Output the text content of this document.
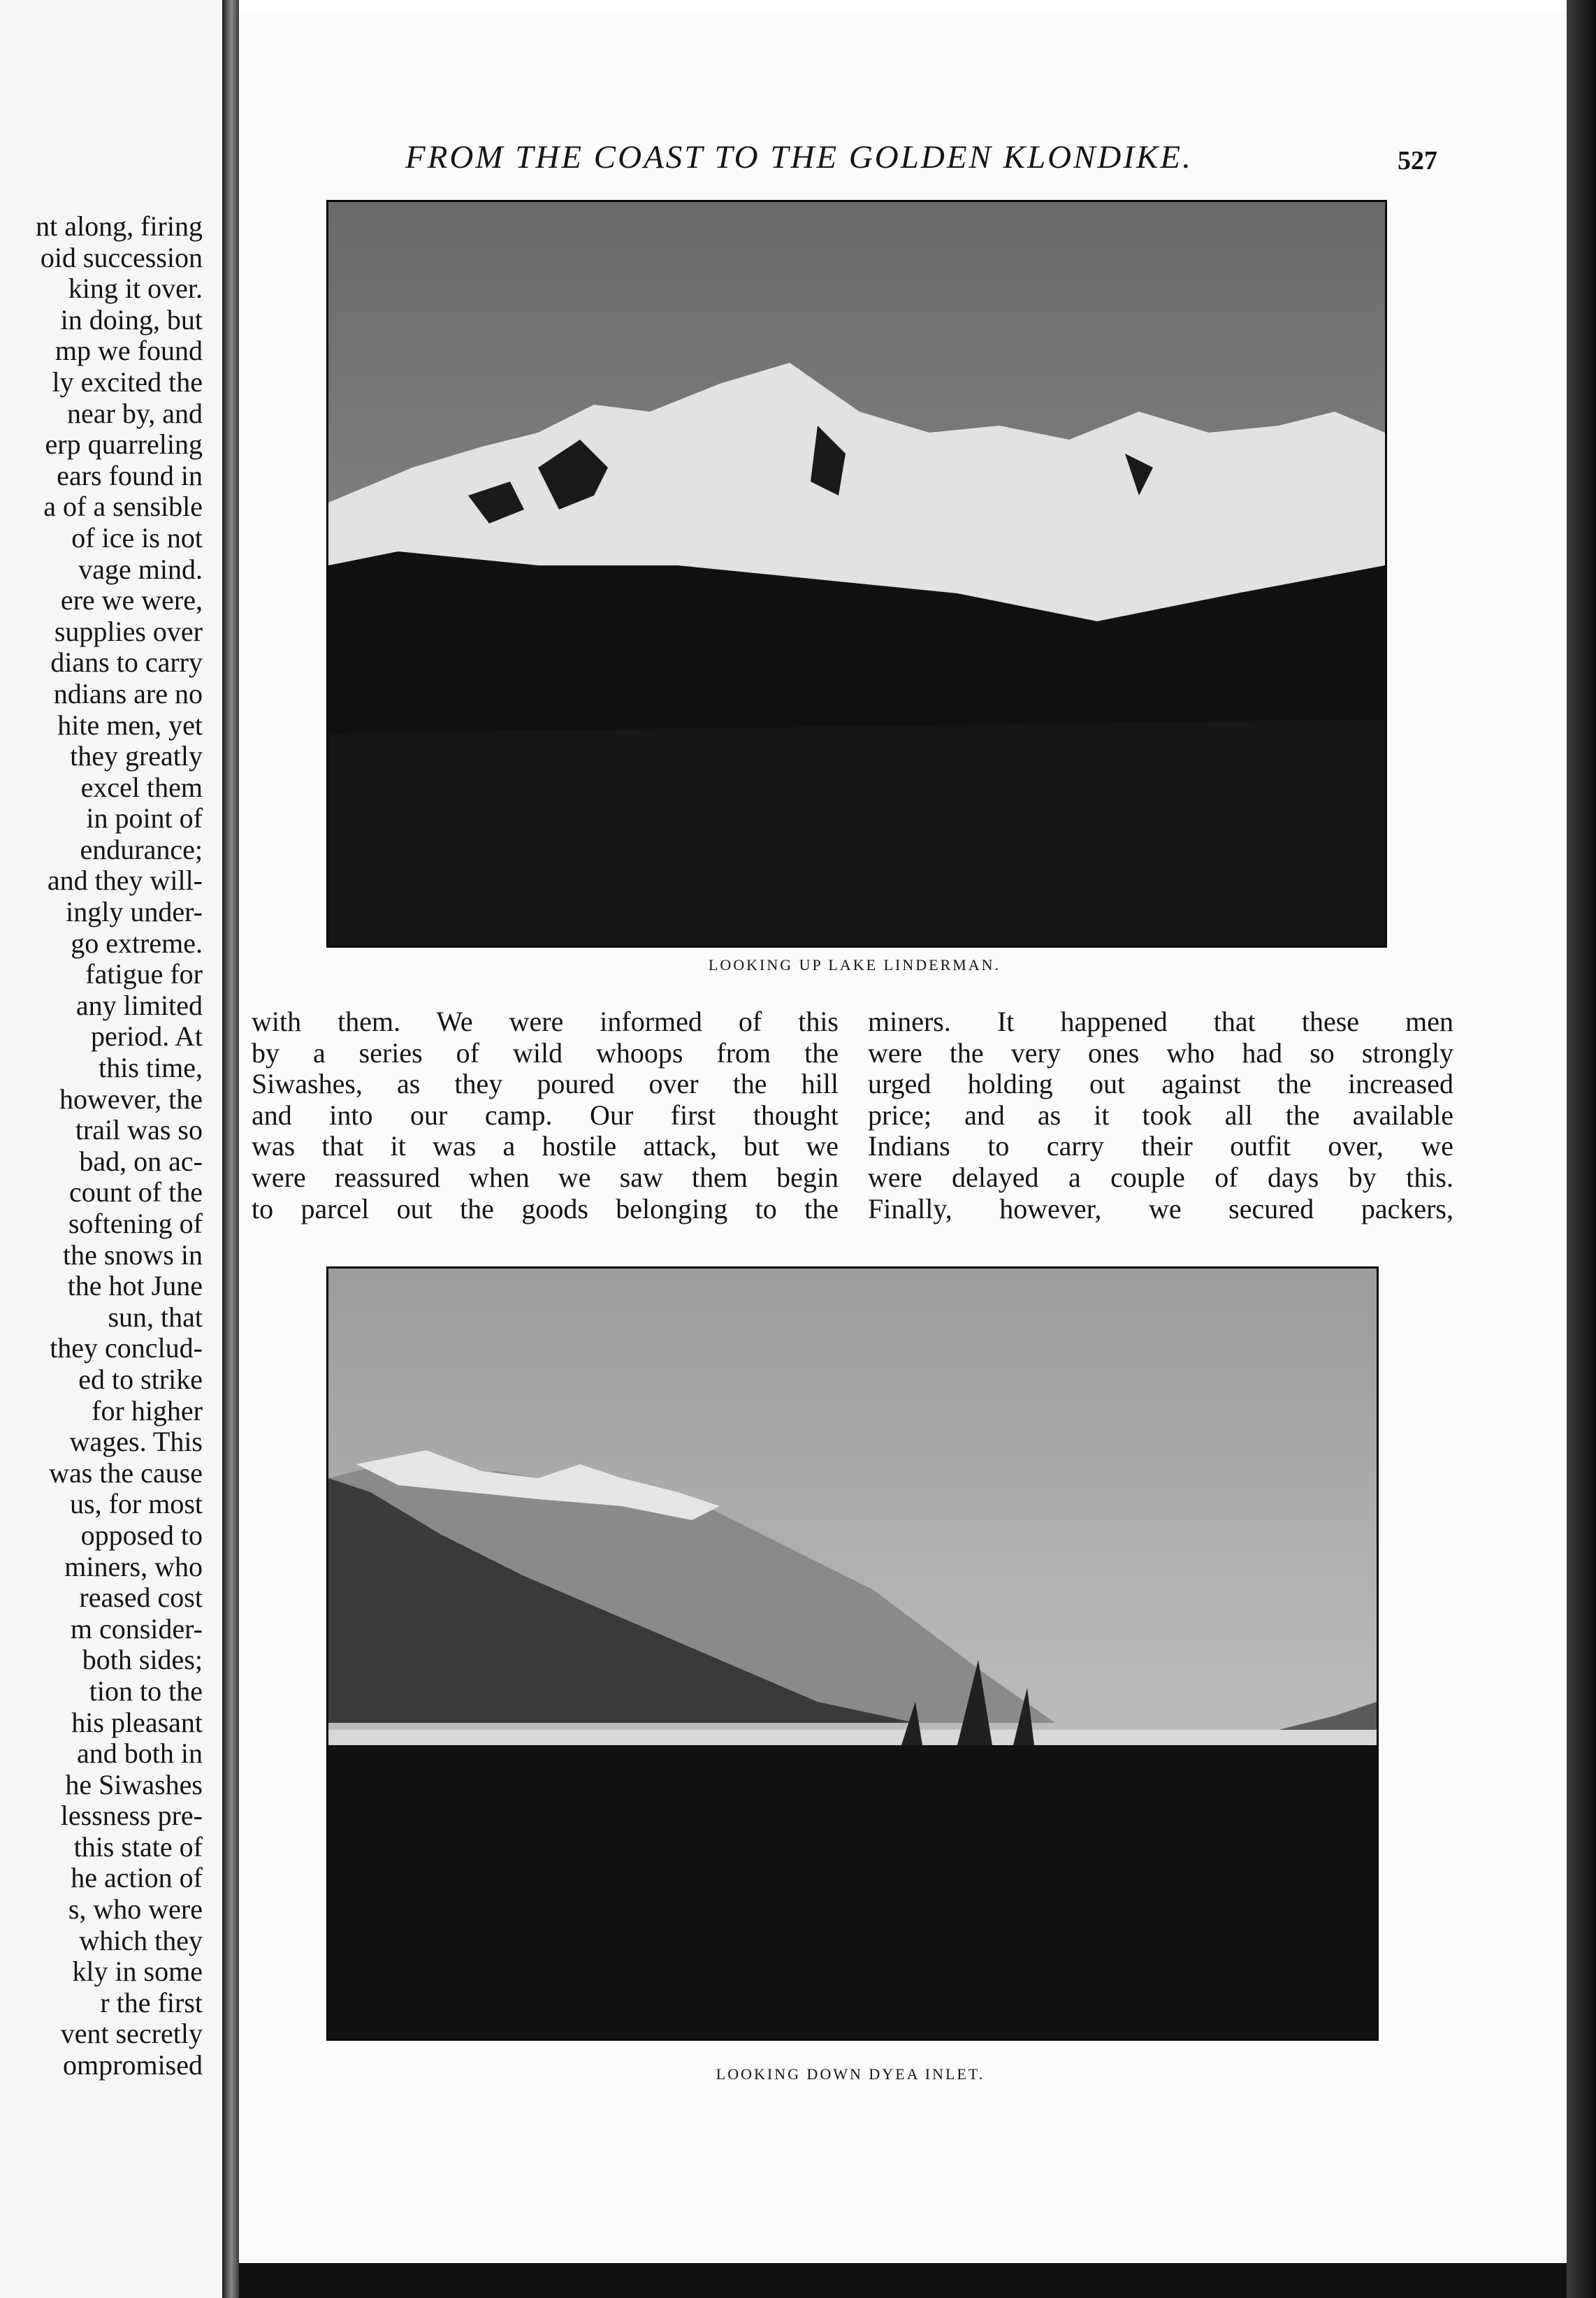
nt along, firing
oid succession
king it over.
in doing, but
mp we found
ly excited the
near by, and
erp quarreling
ears found in
a of a sensible
of ice is not
vage mind.
ere we were,
supplies over
dians to carry
ndians are no
hite men, yet
they greatly
excel them
in point of
endurance;
and they will-
ingly under-
go extreme.
fatigue for
any limited
period. At
this time,
however, the
trail was so
bad, on ac-
count of the
softening of
the snows in
the hot June
sun, that
they conclud-
ed to strike
for higher
wages. This
was the cause
us, for most
opposed to
miners, who
reased cost
m consider-
both sides;
tion to the
his pleasant
and both in
he Siwashes
lessness pre-
this state of
he action of
s, who were
which they
kly in some
r the first
vent secretly
ompromised
FROM THE COAST TO THE GOLDEN KLONDIKE.	527
LOOKING UP LAKE LINDERMAN.
with them. We were informed of this
by a series of wild whoops from the
Siwashes, as they poured over the hill
and into our camp. Our first thought
was that it was a hostile attack, but we
were reassured when we saw them begin
to parcel out the goods belonging to the
miners. It happened that these men
were the very ones who had so strongly
urged holding out against the increased
price; and as it took all the available
Indians to carry their outfit over, we
were delayed a couple of days by this.
Finally, however, we secured packers,
LOOKING DOWN DYEA INLET.
